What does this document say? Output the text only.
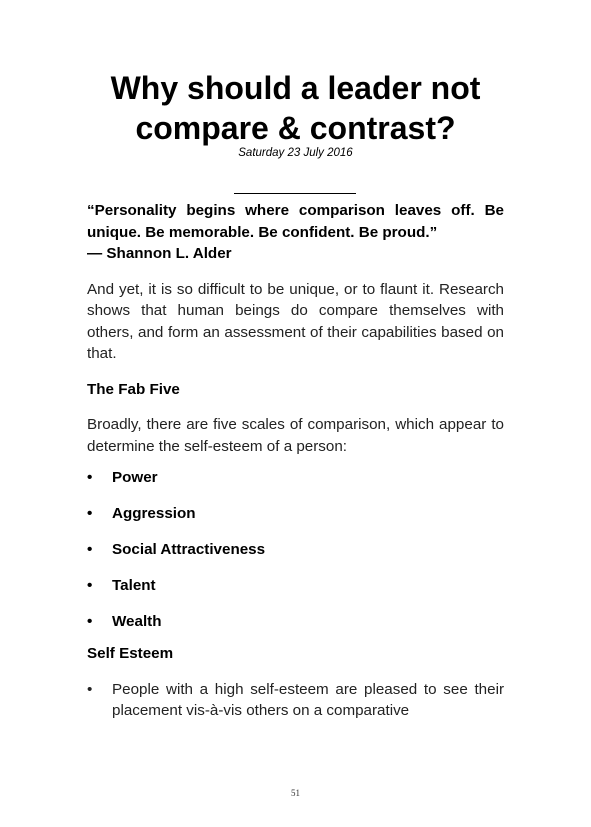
Why should a leader not compare & contrast?
Saturday 23 July 2016

“Personality begins where comparison leaves off. Be unique. Be memorable. Be confident. Be proud.”
— Shannon L. Alder

And yet, it is so difficult to be unique, or to flaunt it. Research shows that human beings do compare themselves with others, and form an assessment of their capabilities based on that.

The Fab Five

Broadly, there are five scales of comparison, which appear to determine the self-esteem of a person:

• Power
• Aggression
• Social Attractiveness
• Talent
• Wealth

Self Esteem

• People with a high self-esteem are pleased to see their placement vis-à-vis others on a comparative
51
